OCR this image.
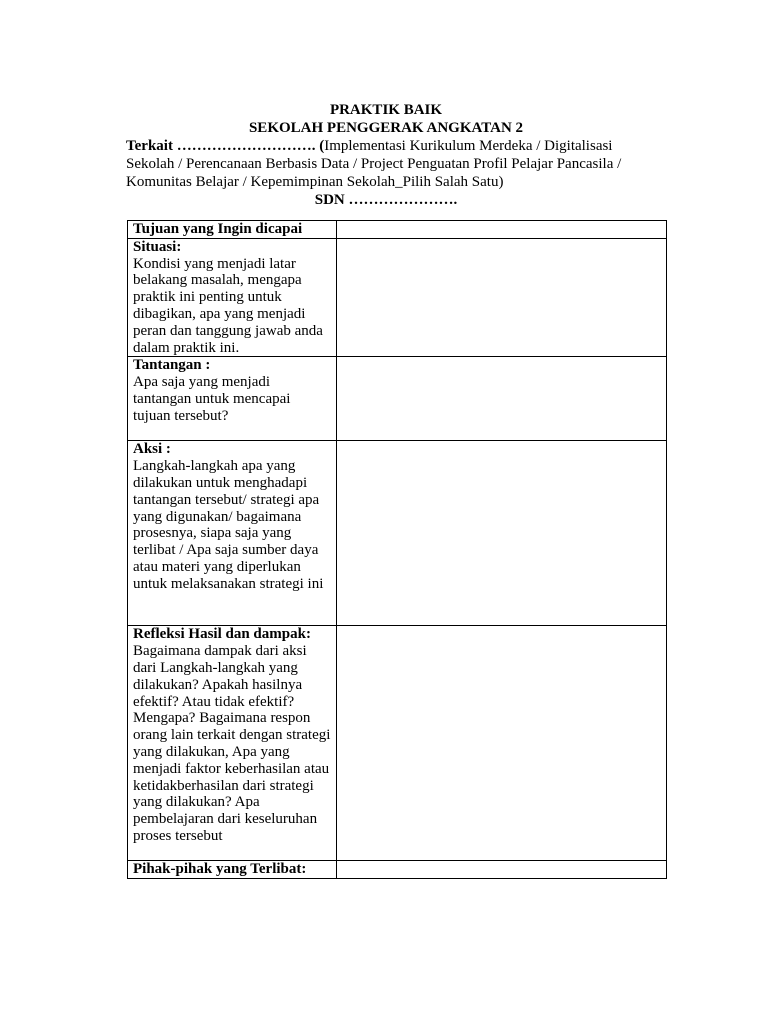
PRAKTIK BAIK
SEKOLAH PENGGERAK ANGKATAN 2
Terkait ………………………. (Implementasi Kurikulum Merdeka / Digitalisasi Sekolah / Perencanaan Berbasis Data / Project Penguatan Profil Pelajar Pancasila / Komunitas Belajar / Kepemimpinan Sekolah_Pilih Salah Satu)
SDN ………………….
Tujuan yang Ingin dicapai	

Situasi:
Kondisi yang menjadi latar belakang masalah, mengapa praktik ini penting untuk dibagikan, apa yang menjadi peran dan tanggung jawab anda dalam praktik ini.	

Tantangan :
Apa saja yang menjadi tantangan untuk mencapai tujuan tersebut?	

Aksi :
Langkah-langkah apa yang dilakukan untuk menghadapi tantangan tersebut/ strategi apa yang digunakan/ bagaimana prosesnya, siapa saja yang terlibat / Apa saja sumber daya atau materi yang diperlukan untuk melaksanakan strategi ini	

Refleksi Hasil dan dampak:
Bagaimana dampak dari aksi dari Langkah-langkah yang dilakukan? Apakah hasilnya efektif? Atau tidak efektif? Mengapa? Bagaimana respon orang lain terkait dengan strategi yang dilakukan, Apa yang menjadi faktor keberhasilan atau ketidakberhasilan dari strategi yang dilakukan? Apa pembelajaran dari keseluruhan proses tersebut	

Pihak-pihak yang Terlibat:	
